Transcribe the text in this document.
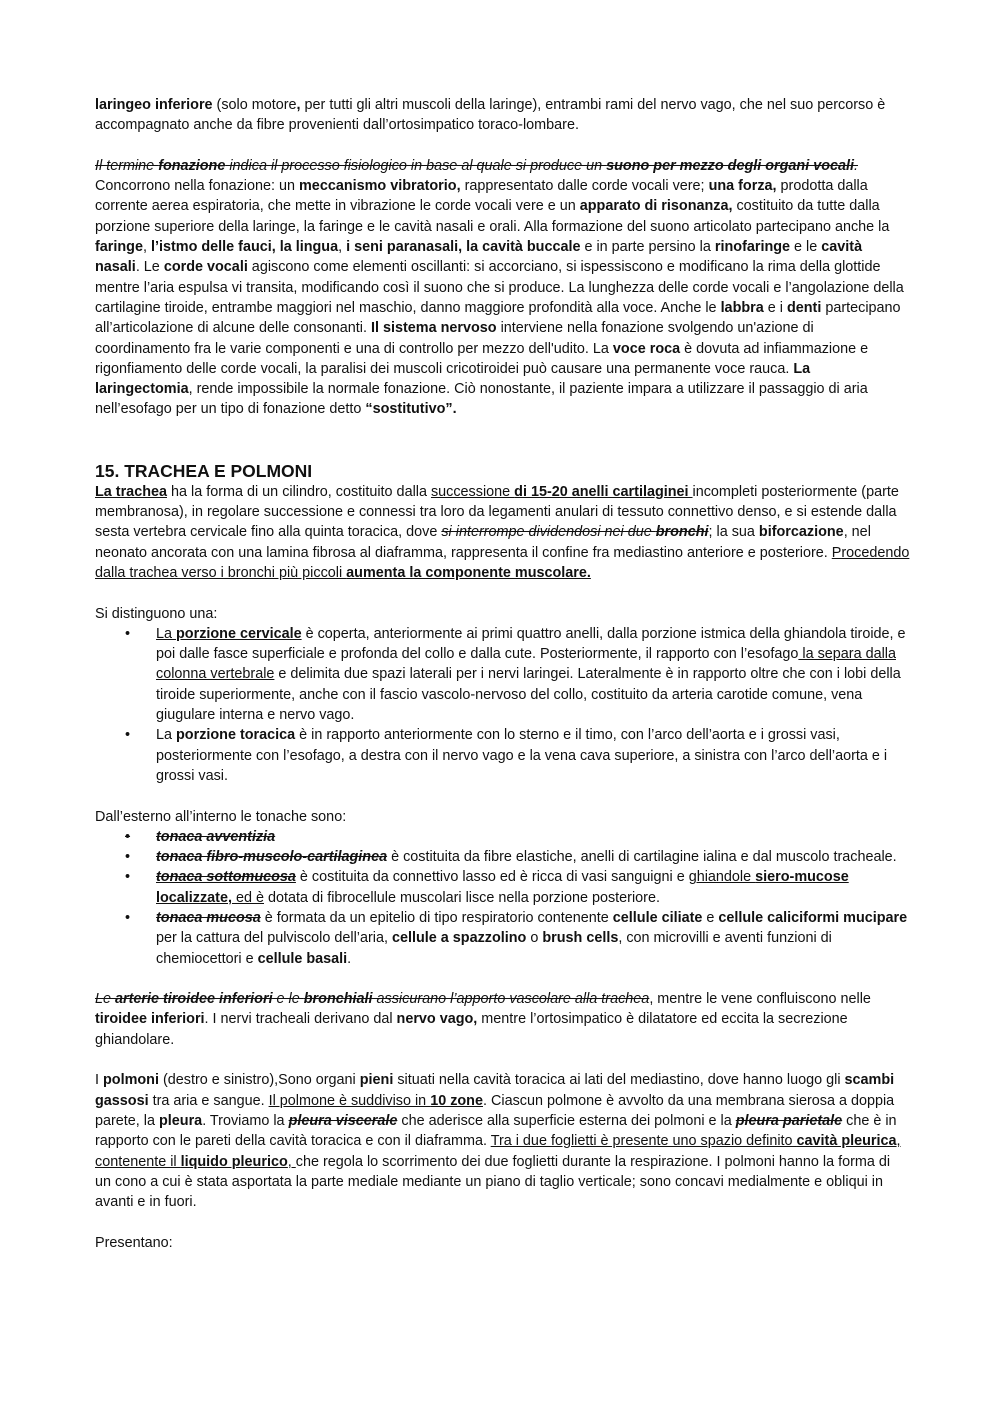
laringeo inferiore (solo motore, per tutti gli altri muscoli della laringe), entrambi rami del nervo vago, che nel suo percorso è accompagnato anche da fibre provenienti dall’ortosimpatico toraco-lombare.

Il termine fonazione indica il processo fisiologico in base al quale si produce un suono per mezzo degli organi vocali. Concorrono nella fonazione: un meccanismo vibratorio, rappresentato dalle corde vocali vere; una forza, prodotta dalla corrente aerea espiratoria, che mette in vibrazione le corde vocali vere e un apparato di risonanza, costituito da tutte dalla porzione superiore della laringe, la faringe e le cavità nasali e orali. Alla formazione del suono articolato partecipano anche la faringe, l’istmo delle fauci, la lingua, i seni paranasali, la cavità buccale e in parte persino la rinofaringe e le cavità nasali. Le corde vocali agiscono come elementi oscillanti: si accorciano, si ispessiscono e modificano la rima della glottide mentre l’aria espulsa vi transita, modificando così il suono che si produce. La lunghezza delle corde vocali e l’angolazione della cartilagine tiroide, entrambe maggiori nel maschio, danno maggiore profondità alla voce. Anche le labbra e i denti partecipano all’articolazione di alcune delle consonanti. Il sistema nervoso interviene nella fonazione svolgendo un'azione di coordinamento fra le varie componenti e una di controllo per mezzo dell'udito. La voce roca è dovuta ad infiammazione e rigonfiamento delle corde vocali, la paralisi dei muscoli cricotiroidei può causare una permanente voce rauca. La laringectomia, rende impossibile la normale fonazione. Ciò nonostante, il paziente impara a utilizzare il passaggio di aria nell’esofago per un tipo di fonazione detto “sostitutivo”.

15. TRACHEA E POLMONI

La trachea ha la forma di un cilindro, costituito dalla successione di 15-20 anelli cartilaginei incompleti posteriormente (parte membranosa), in regolare successione e connessi tra loro da legamenti anulari di tessuto connettivo denso, e si estende dalla sesta vertebra cervicale fino alla quinta toracica, dove si interrompe dividendosi nei due bronchi; la sua biforcazione, nel neonato ancorata con una lamina fibrosa al diaframma, rappresenta il confine fra mediastino anteriore e posteriore. Procedendo dalla trachea verso i bronchi più piccoli aumenta la componente muscolare.

Si distinguono una:

• La porzione cervicale è coperta, anteriormente ai primi quattro anelli, dalla porzione istmica della ghiandola tiroide, e poi dalle fasce superficiale e profonda del collo e dalla cute. Posteriormente, il rapporto con l’esofago la separa dalla colonna vertebrale e delimita due spazi laterali per i nervi laringei. Lateralmente è in rapporto oltre che con i lobi della tiroide superiormente, anche con il fascio vascolo-nervoso del collo, costituito da arteria carotide comune, vena giugulare interna e nervo vago.
• La porzione toracica è in rapporto anteriormente con lo sterno e il timo, con l’arco dell’aorta e i grossi vasi, posteriormente con l’esofago, a destra con il nervo vago e la vena cava superiore, a sinistra con l’arco dell’aorta e i grossi vasi.

Dall’esterno all’interno le tonache sono:

• tonaca avventizia
• tonaca fibro-muscolo-cartilaginea è costituita da fibre elastiche, anelli di cartilagine ialina e dal muscolo tracheale.
• tonaca sottomucosa è costituita da connettivo lasso ed è ricca di vasi sanguigni e ghiandole siero-mucose localizzate, ed è dotata di fibrocellule muscolari lisce nella porzione posteriore.
• tonaca mucosa è formata da un epitelio di tipo respiratorio contenente cellule ciliate e cellule caliciformi mucipare per la cattura del pulviscolo dell’aria, cellule a spazzolino o brush cells, con microvilli e aventi funzioni di chemiocettori e cellule basali.

Le arterie tiroidee inferiori e le bronchiali assicurano l’apporto vascolare alla trachea, mentre le vene confluiscono nelle tiroidee inferiori. I nervi tracheali derivano dal nervo vago, mentre l’ortosimpatico è dilatatore ed eccita la secrezione ghiandolare.

I polmoni (destro e sinistro),Sono organi pieni situati nella cavità toracica ai lati del mediastino, dove hanno luogo gli scambi gassosi tra aria e sangue. Il polmone è suddiviso in 10 zone. Ciascun polmone è avvolto da una membrana sierosa a doppia parete, la pleura. Troviamo la pleura viscerale che aderisce alla superficie esterna dei polmoni e la pleura parietale che è in rapporto con le pareti della cavità toracica e con il diaframma. Tra i due foglietti è presente uno spazio definito cavità pleurica, contenente il liquido pleurico, che regola lo scorrimento dei due foglietti durante la respirazione. I polmoni hanno la forma di un cono a cui è stata asportata la parte mediale mediante un piano di taglio verticale; sono concavi medialmente e obliqui in avanti e in fuori.

Presentano:
